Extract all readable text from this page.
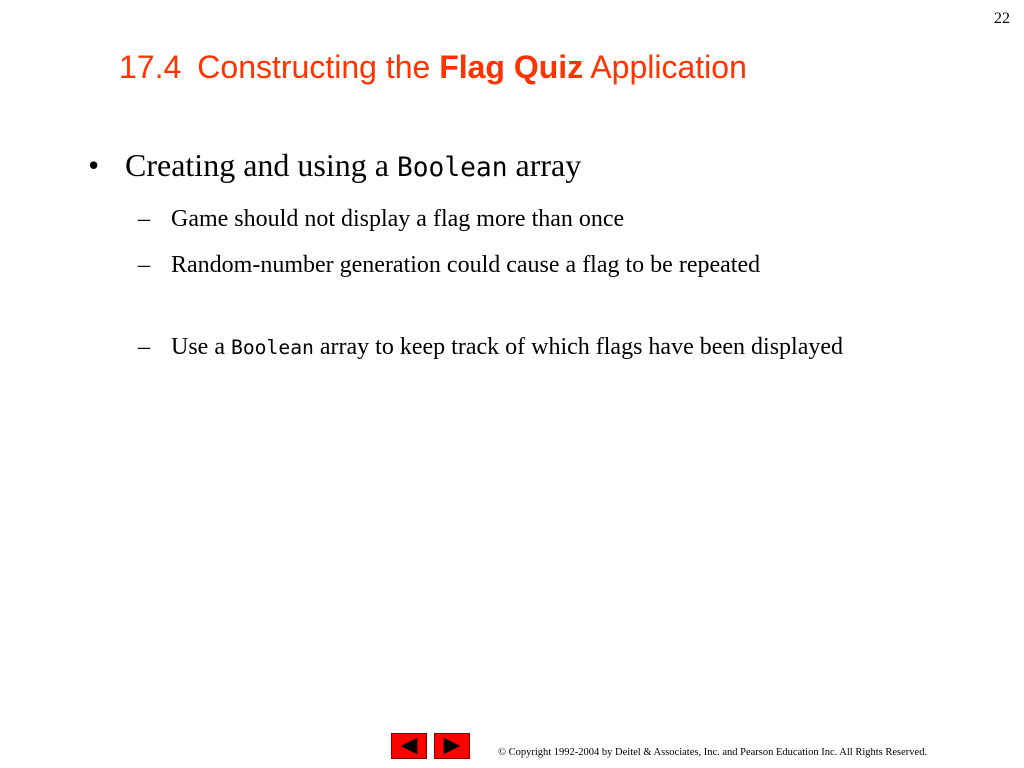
22
17.4 Constructing the Flag Quiz Application
• Creating and using a Boolean array
– Game should not display a flag more than once
– Random-number generation could cause a flag to be repeated
– Use a Boolean array to keep track of which flags have been displayed
© Copyright 1992-2004 by Deitel & Associates, Inc. and Pearson Education Inc. All Rights Reserved.
